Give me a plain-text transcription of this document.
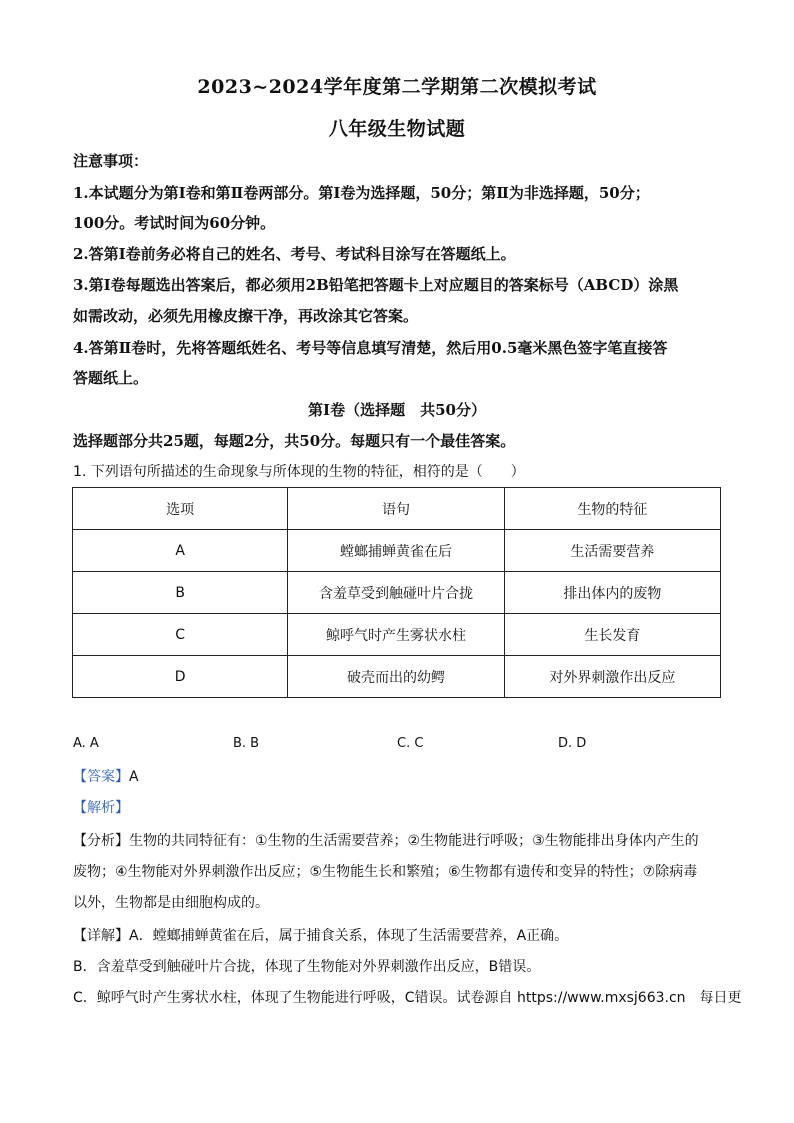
2023~2024学年度第二学期第二次模拟考试
八年级生物试题
注意事项：
1.本试题分为第Ⅰ卷和第Ⅱ卷两部分。第Ⅰ卷为选择题，50分；第Ⅱ为非选择题，50分；
100分。考试时间为60分钟。
2.答第Ⅰ卷前务必将自己的姓名、考号、考试科目涂写在答题纸上。
3.第Ⅰ卷每题选出答案后，都必须用2B铅笔把答题卡上对应题目的答案标号（ABCD）涂黑
如需改动，必须先用橡皮擦干净，再改涂其它答案。
4.答第Ⅱ卷时，先将答题纸姓名、考号等信息填写清楚，然后用0.5毫米黑色签字笔直接答
答题纸上。
第Ⅰ卷（选择题　共50分）
选择题部分共25题，每题2分，共50分。每题只有一个最佳答案。
1. 下列语句所描述的生命现象与所体现的生物的特征，相符的是（　　）
选项	语句	生物的特征
A	螳螂捕蝉黄雀在后	生活需要营养
B	含羞草受到触碰叶片合拢	排出体内的废物
C	鲸呼气时产生雾状水柱	生长发育
D	破壳而出的幼鳄	对外界刺激作出反应
A. A	B. B	C. C	D. D
【答案】A
【解析】
【分析】生物的共同特征有：①生物的生活需要营养；②生物能进行呼吸；③生物能排出身体内产生的
废物；④生物能对外界刺激作出反应；⑤生物能生长和繁殖；⑥生物都有遗传和变异的特性；⑦除病毒
以外，生物都是由细胞构成的。
【详解】A．螳螂捕蝉黄雀在后，属于捕食关系，体现了生活需要营养，A正确。
B．含羞草受到触碰叶片合拢，体现了生物能对外界刺激作出反应，B错误。
C．鲸呼气时产生雾状水柱，体现了生物能进行呼吸，C错误。试卷源自 https://www.mxsj663.cn　每日更
